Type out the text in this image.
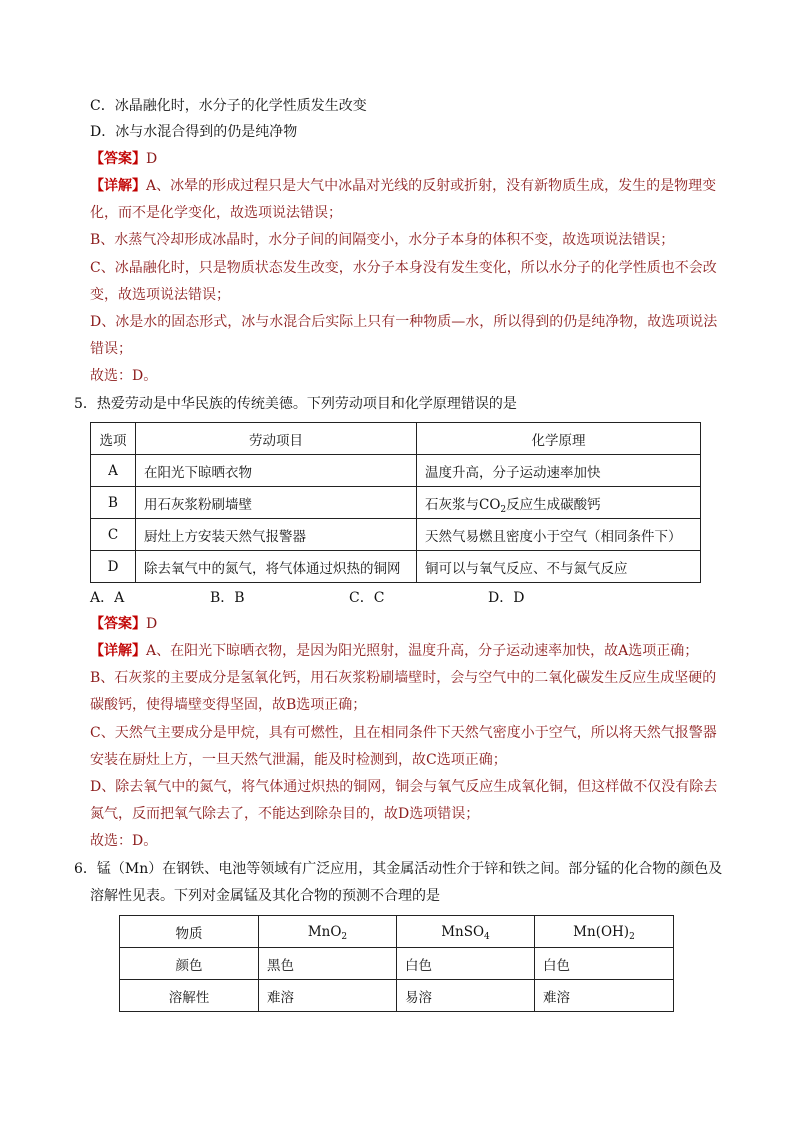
C．冰晶融化时，水分子的化学性质发生改变
D．冰与水混合得到的仍是纯净物
【答案】D
【详解】A、冰晕的形成过程只是大气中冰晶对光线的反射或折射，没有新物质生成，发生的是物理变
化，而不是化学变化，故选项说法错误；
B、水蒸气冷却形成冰晶时，水分子间的间隔变小，水分子本身的体积不变，故选项说法错误；
C、冰晶融化时，只是物质状态发生改变，水分子本身没有发生变化，所以水分子的化学性质也不会改
变，故选项说法错误；
D、冰是水的固态形式，冰与水混合后实际上只有一种物质—水，所以得到的仍是纯净物，故选项说法
错误；
故选：D。
5．热爱劳动是中华民族的传统美德。下列劳动项目和化学原理错误的是
选项	劳动项目	化学原理
A	在阳光下晾晒衣物	温度升高，分子运动速率加快
B	用石灰浆粉刷墙壁	石灰浆与$CO_2$反应生成碳酸钙
C	厨灶上方安装天然气报警器	天然气易燃且密度小于空气（相同条件下）
D	除去氧气中的氮气，将气体通过炽热的铜网	铜可以与氧气反应、不与氮气反应
A．A	B．B	C．C	D．D
【答案】D
【详解】A、在阳光下晾晒衣物，是因为阳光照射，温度升高，分子运动速率加快，故A选项正确；
B、石灰浆的主要成分是氢氧化钙，用石灰浆粉刷墙壁时，会与空气中的二氧化碳发生反应生成坚硬的
碳酸钙，使得墙壁变得坚固，故B选项正确；
C、天然气主要成分是甲烷，具有可燃性，且在相同条件下天然气密度小于空气，所以将天然气报警器
安装在厨灶上方，一旦天然气泄漏，能及时检测到，故C选项正确；
D、除去氧气中的氮气，将气体通过炽热的铜网，铜会与氧气反应生成氧化铜，但这样做不仅没有除去
氮气，反而把氧气除去了，不能达到除杂目的，故D选项错误；
故选：D。
6．锰（Mn）在钢铁、电池等领域有广泛应用，其金属活动性介于锌和铁之间。部分锰的化合物的颜色及
溶解性见表。下列对金属锰及其化合物的预测不合理的是
物质	MnO$_2$	MnSO$_4$	$Mn(OH)_2$
颜色	黑色	白色	白色
溶解性	难溶	易溶	难溶
